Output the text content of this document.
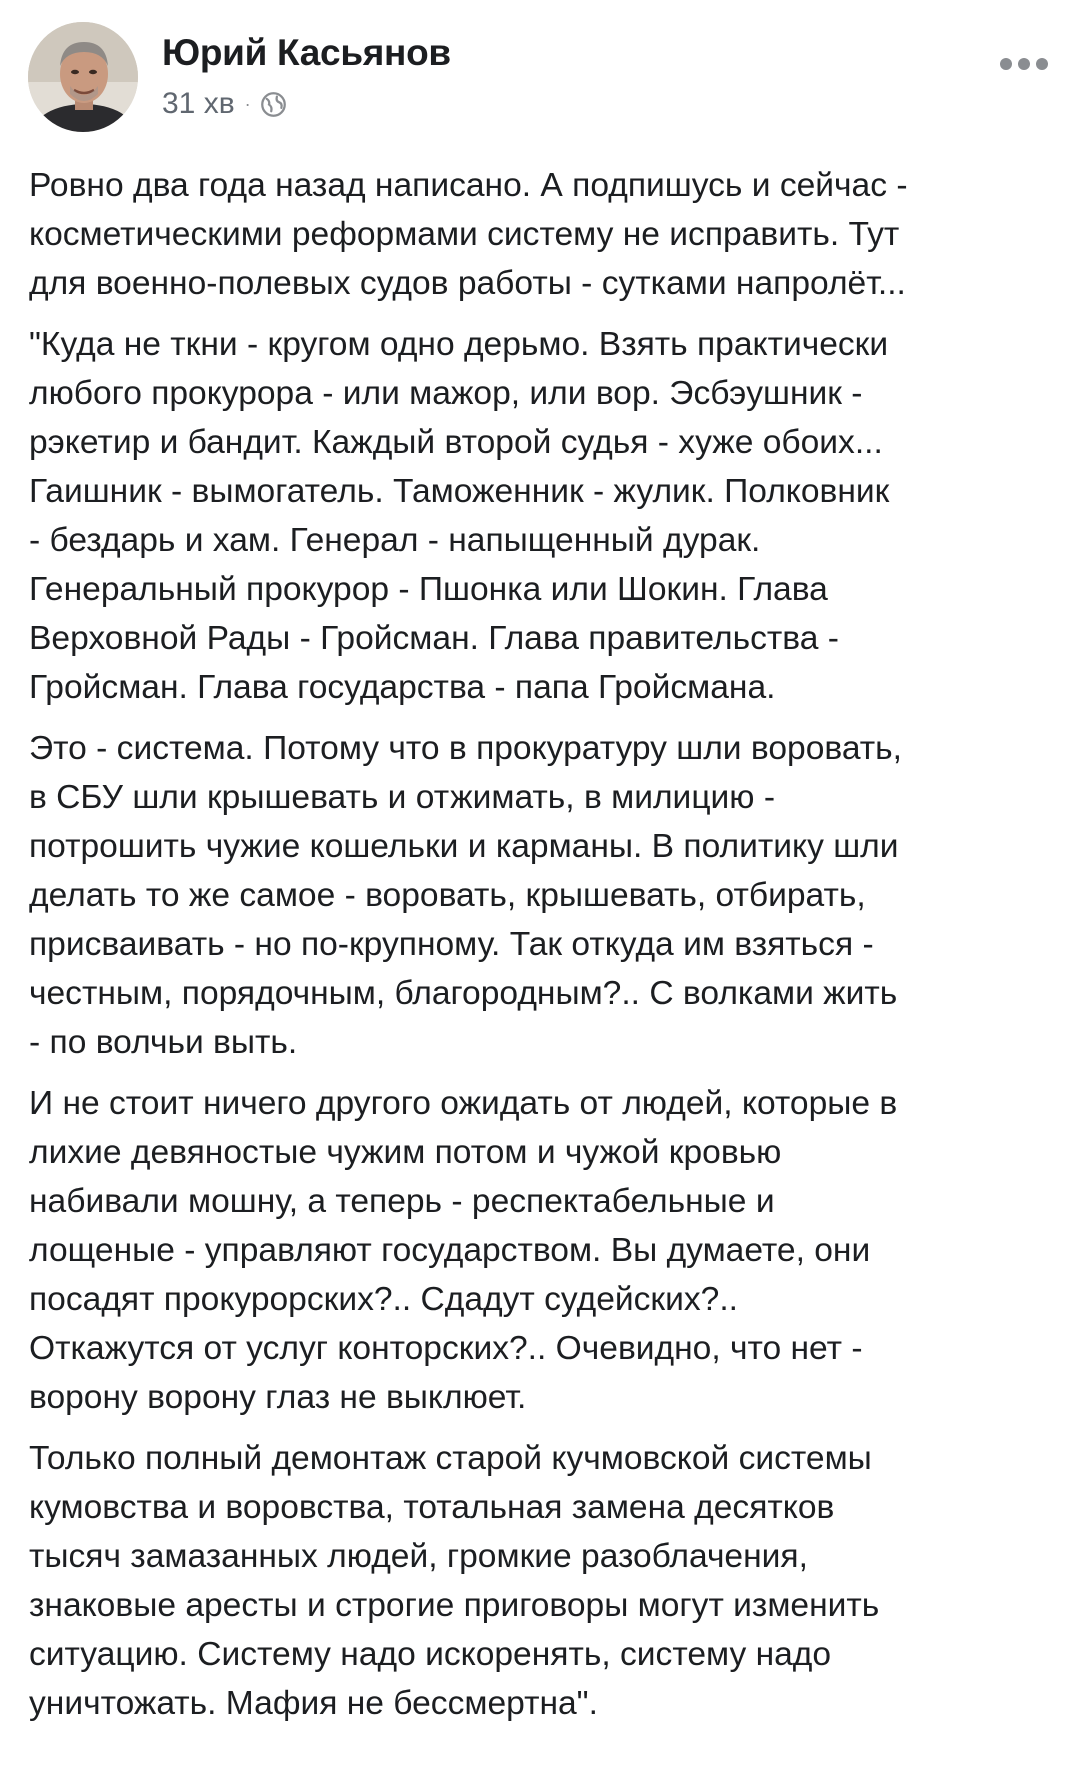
Юрий Касьянов
31 хв ·

Ровно два года назад написано. А подпишусь и сейчас -
косметическими реформами систему не исправить. Тут
для военно-полевых судов работы - сутками напролёт...

"Куда не ткни - кругом одно дерьмо. Взять практически
любого прокурора - или мажор, или вор. Эсбэушник -
рэкетир и бандит. Каждый второй судья - хуже обоих...
Гаишник - вымогатель. Таможенник - жулик. Полковник
- бездарь и хам. Генерал - напыщенный дурак.
Генеральный прокурор - Пшонка или Шокин. Глава
Верховной Рады - Гройсман. Глава правительства -
Гройсман. Глава государства - папа Гройсмана.

Это - система. Потому что в прокуратуру шли воровать,
в СБУ шли крышевать и отжимать, в милицию -
потрошить чужие кошельки и карманы. В политику шли
делать то же самое - воровать, крышевать, отбирать,
присваивать - но по-крупному. Так откуда им взяться -
честным, порядочным, благородным?.. С волками жить
- по волчьи выть.

И не стоит ничего другого ожидать от людей, которые в
лихие девяностые чужим потом и чужой кровью
набивали мошну, а теперь - респектабельные и
лощеные - управляют государством. Вы думаете, они
посадят прокурорских?.. Сдадут судейских?..
Откажутся от услуг конторских?.. Очевидно, что нет -
ворону ворону глаз не выклюет.

Только полный демонтаж старой кучмовской системы
кумовства и воровства, тотальная замена десятков
тысяч замазанных людей, громкие разоблачения,
знаковые аресты и строгие приговоры могут изменить
ситуацию. Систему надо искоренять, систему надо
уничтожать. Мафия не бессмертна".
